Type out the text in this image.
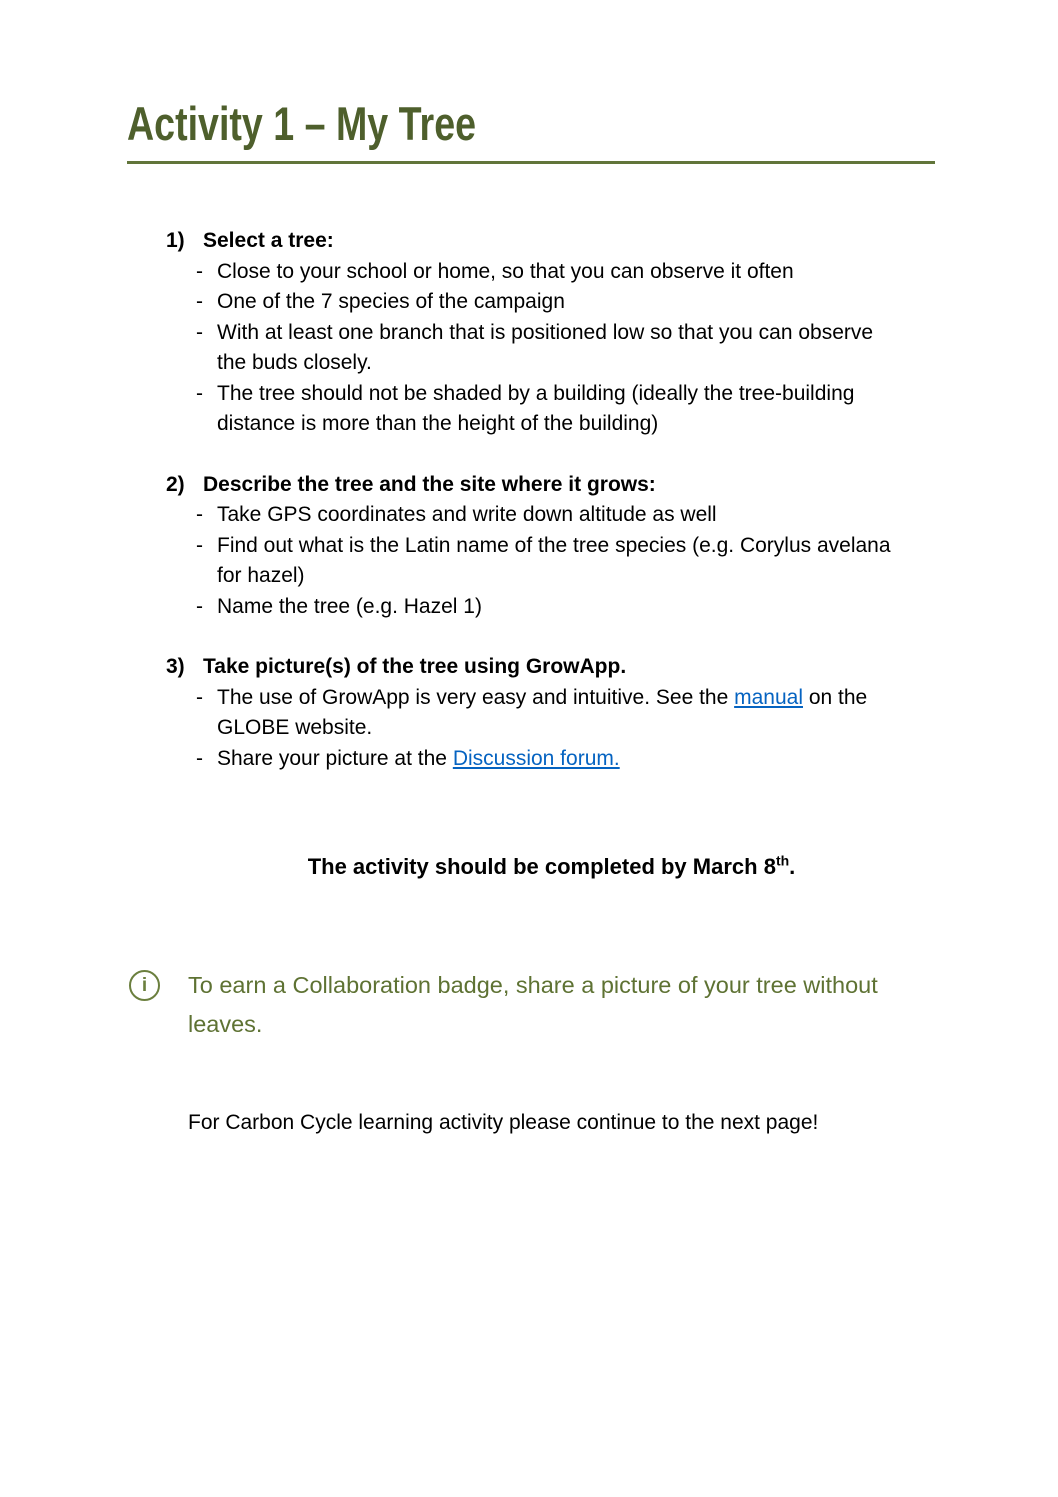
Activity 1 – My Tree
1) Select a tree:
- Close to your school or home, so that you can observe it often
- One of the 7 species of the campaign
- With at least one branch that is positioned low so that you can observe the buds closely.
- The tree should not be shaded by a building (ideally the tree-building distance is more than the height of the building)
2) Describe the tree and the site where it grows:
- Take GPS coordinates and write down altitude as well
- Find out what is the Latin name of the tree species (e.g. Corylus avelana for hazel)
- Name the tree (e.g. Hazel 1)
3) Take picture(s) of the tree using GrowApp.
- The use of GrowApp is very easy and intuitive. See the manual on the GLOBE website.
- Share your picture at the Discussion forum.
The activity should be completed by March 8th.
i To earn a Collaboration badge, share a picture of your tree without leaves.
For Carbon Cycle learning activity please continue to the next page!
